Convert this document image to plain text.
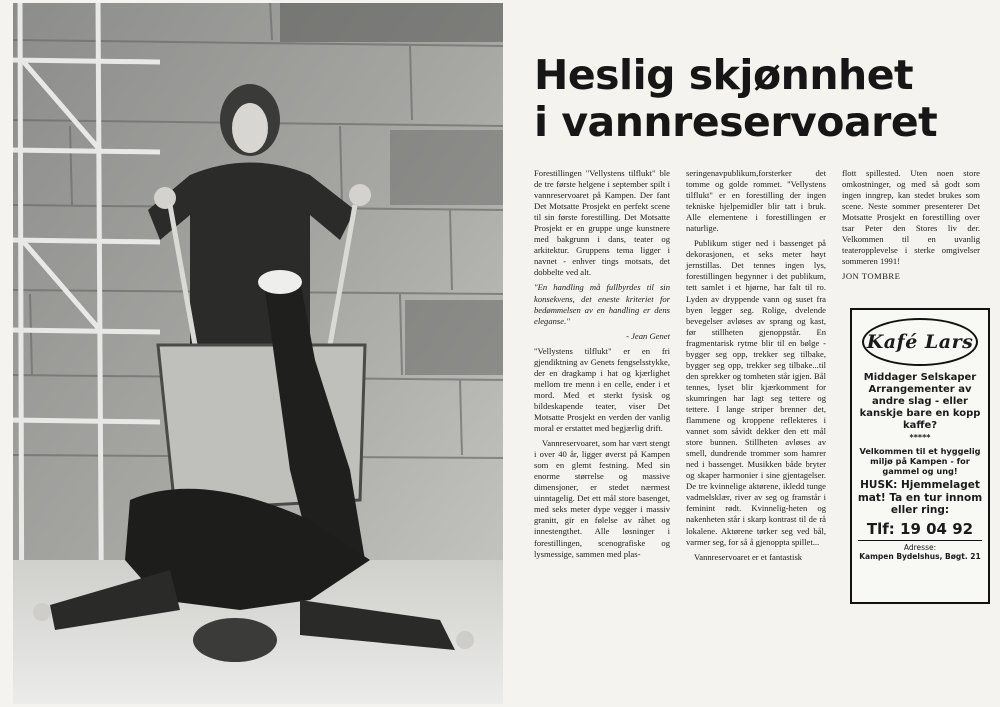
Heslig skjønnhet
i vannreservoaret

Forestillingen "Vellystens tilflukt" ble de tre første helgene i september spilt i vannreservoaret på Kampen. Der fant Det Motsatte Prosjekt en perfekt scene til sin første forestilling. Det Motsatte Prosjekt er en gruppe unge kunstnere med bakgrunn i dans, teater og arkitektur. Gruppens tema ligger i navnet - enhver tings motsats, det dobbelte ved alt.

"En handling må fullbyrdes til sin konsekvens, det eneste kriteriet for bedømmelsen av en handling er dens eleganse."

- Jean Genet

"Vellystens tilflukt" er en fri gjendiktning av Genets fengselsstykke, der en dragkamp i hat og kjærlighet mellom tre menn i en celle, ender i et mord. Med et sterkt fysisk og bildeskapende teater, viser Det Motsatte Prosjekt en verden der vanlig moral er erstattet med begjærlig drift.

Vannreservoaret, som har vært stengt i over 40 år, ligger øverst på Kampen som en glemt festning. Med sin enorme størrelse og massive dimensjoner, er stedet nærmest uinntagelig. Det ett mål store basenget, med seks meter dype vegger i massiv granitt, gir en følelse av råhet og innestengthet. Alle løsninger i forestillingen, scenografiske og lysmessige, sammen med plas-

seringenavpublikum,forsterker det tomme og golde rommet. "Vellystens tilflukt" er en forestilling der ingen tekniske hjelpemidler blir tatt i bruk. Alle elementene i forestillingen er naturlige.

Publikum stiger ned i bassenget på dekorasjonen, et seks meter høyt jernstillas. Det tennes ingen lys, forestillingen begynner i det publikum, tett samlet i et hjørne, har falt til ro. Lyden av dryppende vann og suset fra byen legger seg. Rolige, dvelende bevegelser avløses av sprang og kast, før stillheten gjenoppstår. En fragmentarisk rytme blir til en bølge - bygger seg opp, trekker seg tilbake, bygger seg opp, trekker seg tilbake...til den sprekker og tomheten står igjen. Bål tennes, lyset blir kjærkomment for skumringen har lagt seg tettere og tettere. I lange striper brenner det, flammene og kroppene reflekteres i vannet som såvidt dekker den ett mål store bunnen. Stillheten avløses av smell, dundrende trommer som hamrer ned i bassenget. Musikken både bryter og skaper harmonier i sine gjentagelser. De tre kvinnelige aktørene, ikledd tunge vadmelsklær, river av seg og framstår i feminint rødt. Kvinnelig-heten og nakenheten står i skarp kontrast til de rå lokalene. Aktørene tørker seg ved bål, varmer seg, for så å gjenoppta spillet...

Vannreservoaret er et fantastisk

flott spillested. Uten noen store omkostninger, og med så godt som ingen inngrep, kan stedet brukes som scene. Neste sommer presenterer Det Motsatte Prosjekt en forestilling over tsar Peter den Stores liv der. Velkommen til en uvanlig teateropplevelse i sterke omgivelser sommeren 1991!

JON TOMBRE

Kafé Lars
Middager Selskaper Arrangementer av andre slag - eller kanskje bare en kopp kaffe?
*****
Velkommen til et hyggelig miljø på Kampen - for gammel og ung!
HUSK: Hjemmelaget mat! Ta en tur innom eller ring:
Tlf: 19 04 92
Adresse:
Kampen Bydelshus, Bøgt. 21
